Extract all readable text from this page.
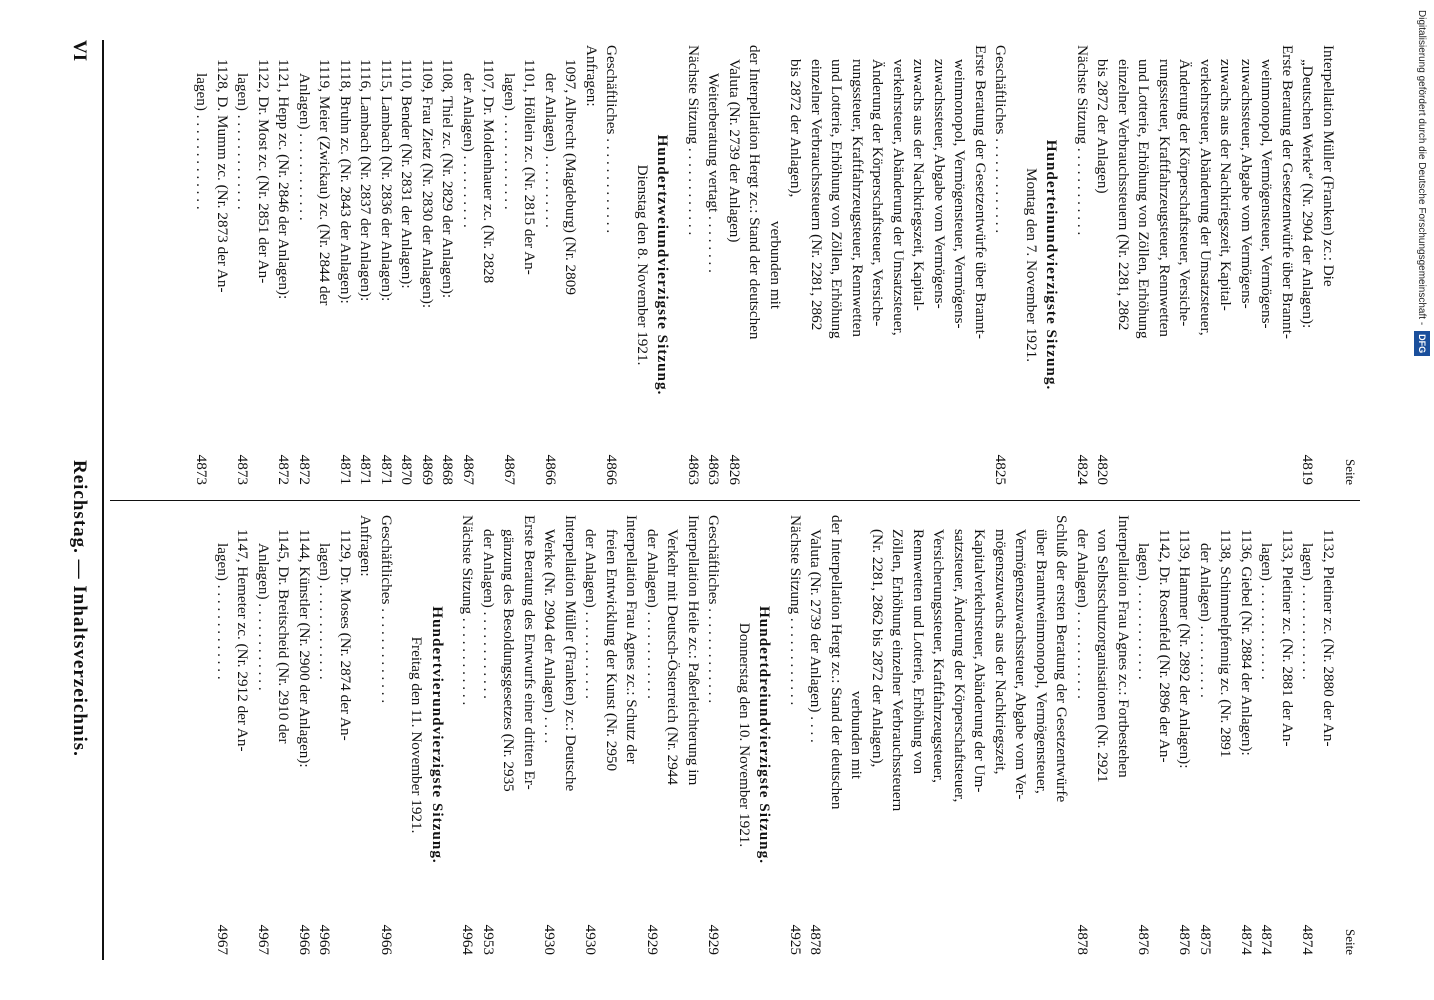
VI
Reichstag. — Inhaltsverzeichnis.	Seite
Interpellation Müller (Franken) zc.: Die
„Deutschen Werke“ (Nr. 2904 der Anlagen):
4819
Erste Beratung der Gesetzentwürfe über Brannt-
weinmonopol, Vermögensteuer, Vermögens-
zuwachssteuer, Abgabe vom Vermögens-
zuwachs aus der Nachkriegszeit, Kapital-
verkehrsteuer, Abänderung der Umsatzsteuer,
Änderung der Körperschaftsteuer, Versiche-
rungssteuer, Kraftfahrzeugsteuer, Rennwetten
und Lotterie, Erhöhung von Zöllen, Erhöhung
einzelner Verbrauchssteuern (Nr. 2281, 2862
bis 2872 der Anlagen)
4820
Nächste Sitzung . . . . . . . . . . . .
4824
Hunderteinundvierzigste Sitzung.
Montag den 7. November 1921.
Geschäftliches . . . . . . . . . . . . .
4825
Erste Beratung der Gesetzentwürfe über Brannt-
weinmonopol, Vermögensteuer, Vermögens-
zuwachssteuer, Abgabe vom Vermögens-
zuwachs aus der Nachkriegszeit, Kapital-
verkehrsteuer, Abänderung der Umsatzsteuer,
Änderung der Körperschaftsteuer, Versiche-
rungssteuer, Kraftfahrzeugsteuer, Rennwetten
und Lotterie, Erhöhung von Zöllen, Erhöhung
einzelner Verbrauchssteuern (Nr. 2281, 2862
bis 2872 der Anlagen),
verbunden mit
der Interpellation Hergt zc.: Stand der deutschen
Valuta (Nr. 2739 der Anlagen)
4826
Weiterberatung vertagt . . . . . . . .
4863
Nächste Sitzung . . . . . . . . . . . .
4863
Hundertzweiundvierzigste Sitzung.
Dienstag den 8. November 1921.
Geschäftliches . . . . . . . . . . . . .
4866
Anfragen:
1097, Albrecht (Magdeburg) (Nr. 2809
der Anlagen) . . . . . . . . . .
4866
1101, Höllein zc. (Nr. 2815 der An-
lagen) . . . . . . . . . . . . .
4867
1107, Dr. Moldenhauer zc. (Nr. 2828
der Anlagen) . . . . . . . . . .
4867
1108, Thiel zc. (Nr. 2829 der Anlagen):
4868
1109, Frau Zietz (Nr. 2830 der Anlagen):
4869
1110, Bender (Nr. 2831 der Anlagen):
4870
1115, Lambach (Nr. 2836 der Anlagen):
4871
1116, Lambach (Nr. 2837 der Anlagen):
4871
1118, Bruhn zc. (Nr. 2843 der Anlagen):
4871
1119, Meier (Zwickau) zc. (Nr. 2844 der
Anlagen) . . . . . . . . . . . .
4872
1121, Hepp zc. (Nr. 2846 der Anlagen):
4872
1122, Dr. Most zc. (Nr. 2851 der An-
lagen) . . . . . . . . . . . . .
4873
1128, D. Mumm zc. (Nr. 2873 der An-
lagen) . . . . . . . . . . . . .
4873
Seite
1132, Pletiner zc. (Nr. 2880 der An-
lagen) . . . . . . . . . . . . .
4874
1133, Pletiner zc. (Nr. 2881 der An-
lagen) . . . . . . . . . . . . .
4874
1136, Giebel (Nr. 2884 der Anlagen):
4874
1138, Schimmelpfennig zc. (Nr. 2891
der Anlagen) . . . . . . . . . .
4875
1139, Hammer (Nr. 2892 der Anlagen):
4876
1142, Dr. Rosenfeld (Nr. 2896 der An-
lagen) . . . . . . . . . . . . .
4876
Interpellation Frau Agnes zc.: Fortbestehen
von Selbstschutzorganisationen (Nr. 2921
der Anlagen) . . . . . . . . . . . .
4878
Schluß der ersten Beratung der Gesetzentwürfe
über Branntweinmonopol, Vermögensteuer,
Vermögenszuwachssteuer, Abgabe vom Ver-
mögenszuwachs aus der Nachkriegszeit,
Kapitalverkehrsteuer, Abänderung der Um-
satzsteuer, Änderung der Körperschaftsteuer,
Versicherungssteuer, Kraftfahrzeugsteuer,
Rennwetten und Lotterie, Erhöhung von
Zöllen, Erhöhung einzelner Verbrauchssteuern
(Nr. 2281, 2862 bis 2872 der Anlagen),
verbunden mit
der Interpellation Hergt zc.: Stand der deutschen
Valuta (Nr. 2739 der Anlagen) . . . .
4878
Nächste Sitzung . . . . . . . . . . . .
4925
Hundertdreiundvierzigste Sitzung.
Donnerstag den 10. November 1921.
Geschäftliches . . . . . . . . . . . . .
4929
Interpellation Heile zc.: Paßerleichterung im
Verkehr mit Deutsch-Österreich (Nr. 2944
der Anlagen) . . . . . . . . . . . .
4929
Interpellation Frau Agnes zc.: Schutz der
freien Entwicklung der Kunst (Nr. 2950
der Anlagen) . . . . . . . . . . . .
4930
Interpellation Müller (Franken) zc.: Deutsche
Werke (Nr. 2904 der Anlagen) . . . .
4930
Erste Beratung des Entwurfs einer dritten Er-
gänzung des Besoldungsgesetzes (Nr. 2935
der Anlagen) . . . . . . . . . . . .
4953
Nächste Sitzung . . . . . . . . . . . .
4964
Hundertvierundvierzigste Sitzung.
Freitag den 11. November 1921.
Geschäftliches . . . . . . . . . . . . .
4966
Anfragen:
1129, Dr. Moses (Nr. 2874 der An-
lagen) . . . . . . . . . . . . .
4966
1144, Künstler (Nr. 2900 der Anlagen):
4966
1145, Dr. Breitscheid (Nr. 2910 der
Anlagen) . . . . . . . . . . . .
4967
1147, Hemeter zc. (Nr. 2912 der An-
lagen) . . . . . . . . . . . . .
4967
Digitalisierung gefördert durch die Deutsche Forschungsgemeinschaft -DFG
